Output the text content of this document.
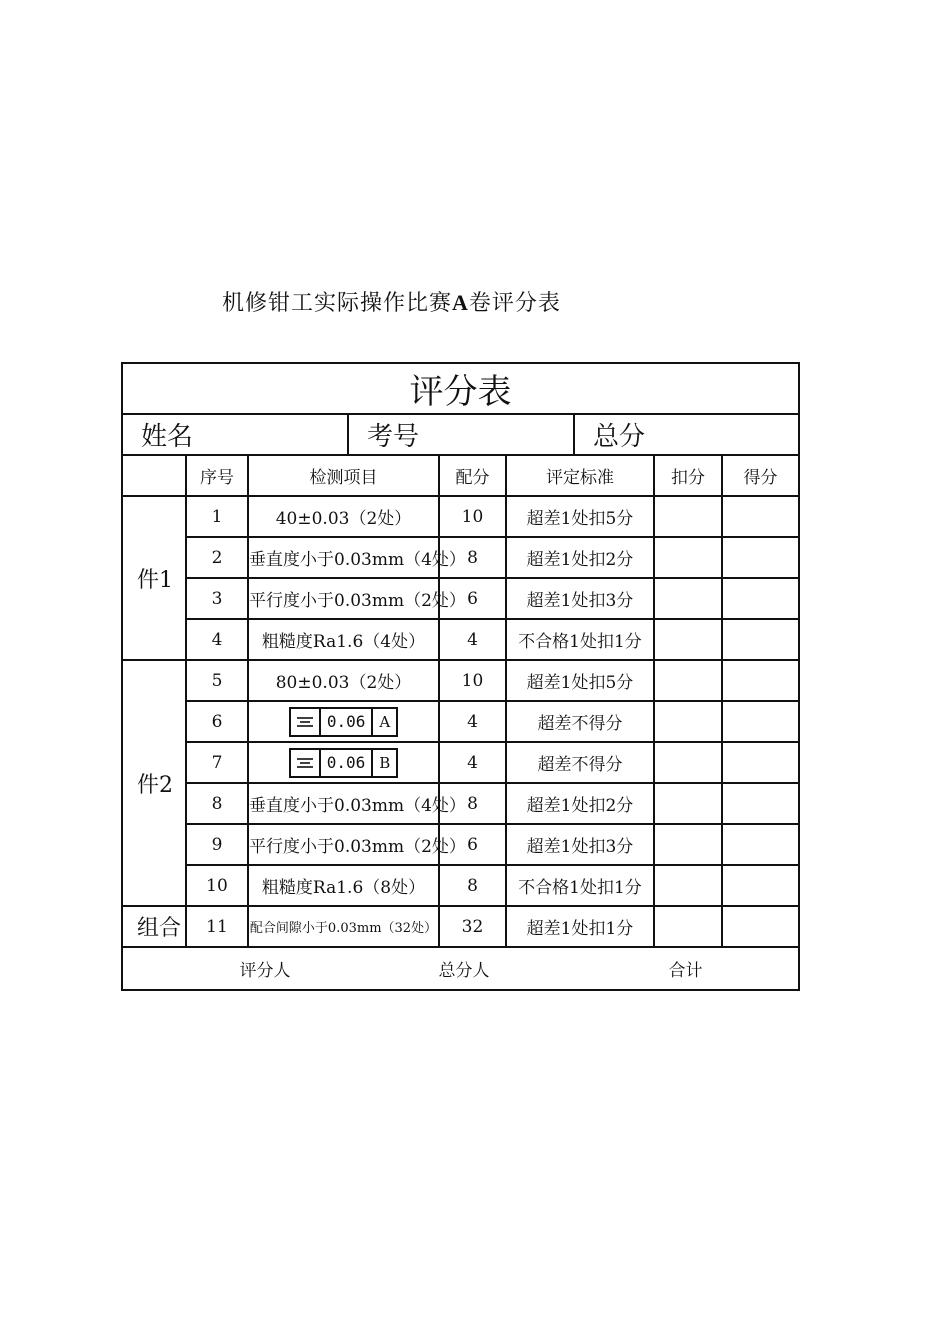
机修钳工实际操作比赛A卷评分表
评分表						

姓名 考号 总分						

	序号	检测项目	配分	评定标准	扣分	得分
件1	1	40±0.03（2处）	10	超差1处扣5分		
	2	垂直度小于0.03mm（4处）	8	超差1处扣2分		
	3	平行度小于0.03mm（2处）	6	超差1处扣3分		
	4	粗糙度Ra1.6（4处）	4	不合格1处扣1分		
件2	5	80±0.03（2处）	10	超差1处扣5分		
	6	0.06 A	4	超差不得分		
	7	0.06 B	4	超差不得分		
	8	垂直度小于0.03mm（4处）	8	超差1处扣2分		
	9	平行度小于0.03mm（2处）	6	超差1处扣3分		
	10	粗糙度Ra1.6（8处）	8	不合格1处扣1分		
组合	11	配合间隙小于0.03mm（32处）	32	超差1处扣1分		

评分人 总分人 合计						
